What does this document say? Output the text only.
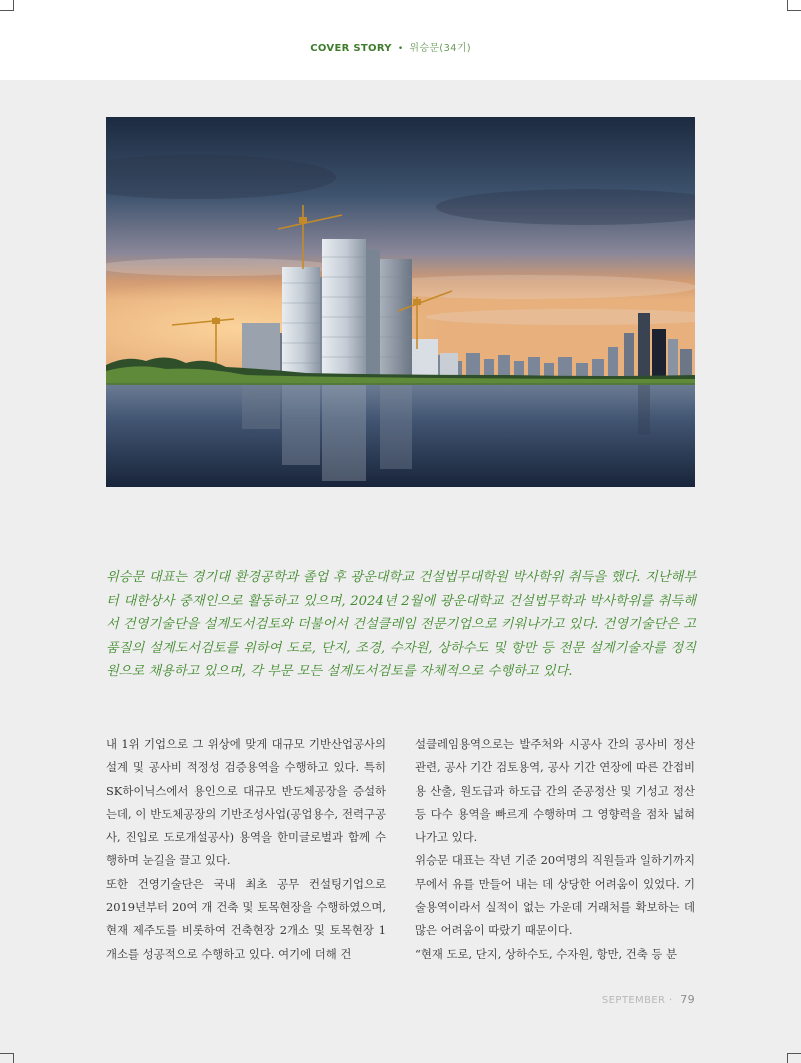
COVER STORY • 위승문(34기)

위승문 대표는 경기대 환경공학과 졸업 후 광운대학교 건설법무대학원 박사학위 취득을 했다. 지난해부터 대한상사 중재인으로 활동하고 있으며, 2024년 2월에 광운대학교 건설법무학과 박사학위를 취득해서 건영기술단을 설계도서검토와 더불어서 건설클레임 전문기업으로 키워나가고 있다. 건영기술단은 고품질의 설계도서검토를 위하여 도로, 단지, 조경, 수자원, 상하수도 및 항만 등 전문 설계기술자를 정직원으로 채용하고 있으며, 각 부문 모든 설계도서검토를 자체적으로 수행하고 있다.

내 1위 기업으로 그 위상에 맞게 대규모 기반산업공사의 설계 및 공사비 적정성 검증용역을 수행하고 있다. 특히 SK하이닉스에서 용인으로 대규모 반도체공장을 증설하는데, 이 반도체공장의 기반조성사업(공업용수, 전력구공사, 진입로 도로개설공사) 용역을 한미글로벌과 함께 수행하며 눈길을 끌고 있다.

또한 건영기술단은 국내 최초 공무 컨설팅기업으로 2019년부터 20여 개 건축 및 토목현장을 수행하였으며, 현재 제주도를 비롯하여 건축현장 2개소 및 토목현장 1개소를 성공적으로 수행하고 있다. 여기에 더해 건

설클레임용역으로는 발주처와 시공사 간의 공사비 정산 관련, 공사 기간 검토용역, 공사 기간 연장에 따른 간접비용 산출, 원도급과 하도급 간의 준공정산 및 기성고 정산 등 다수 용역을 빠르게 수행하며 그 영향력을 점차 넓혀나가고 있다.

위승문 대표는 작년 기준 20여명의 직원들과 일하기까지 무에서 유를 만들어 내는 데 상당한 어려움이 있었다. 기술용역이라서 실적이 없는 가운데 거래처를 확보하는 데 많은 어려움이 따랐기 때문이다.

“현재 도로, 단지, 상하수도, 수자원, 항만, 건축 등 분

SEPTEMBER · 79
